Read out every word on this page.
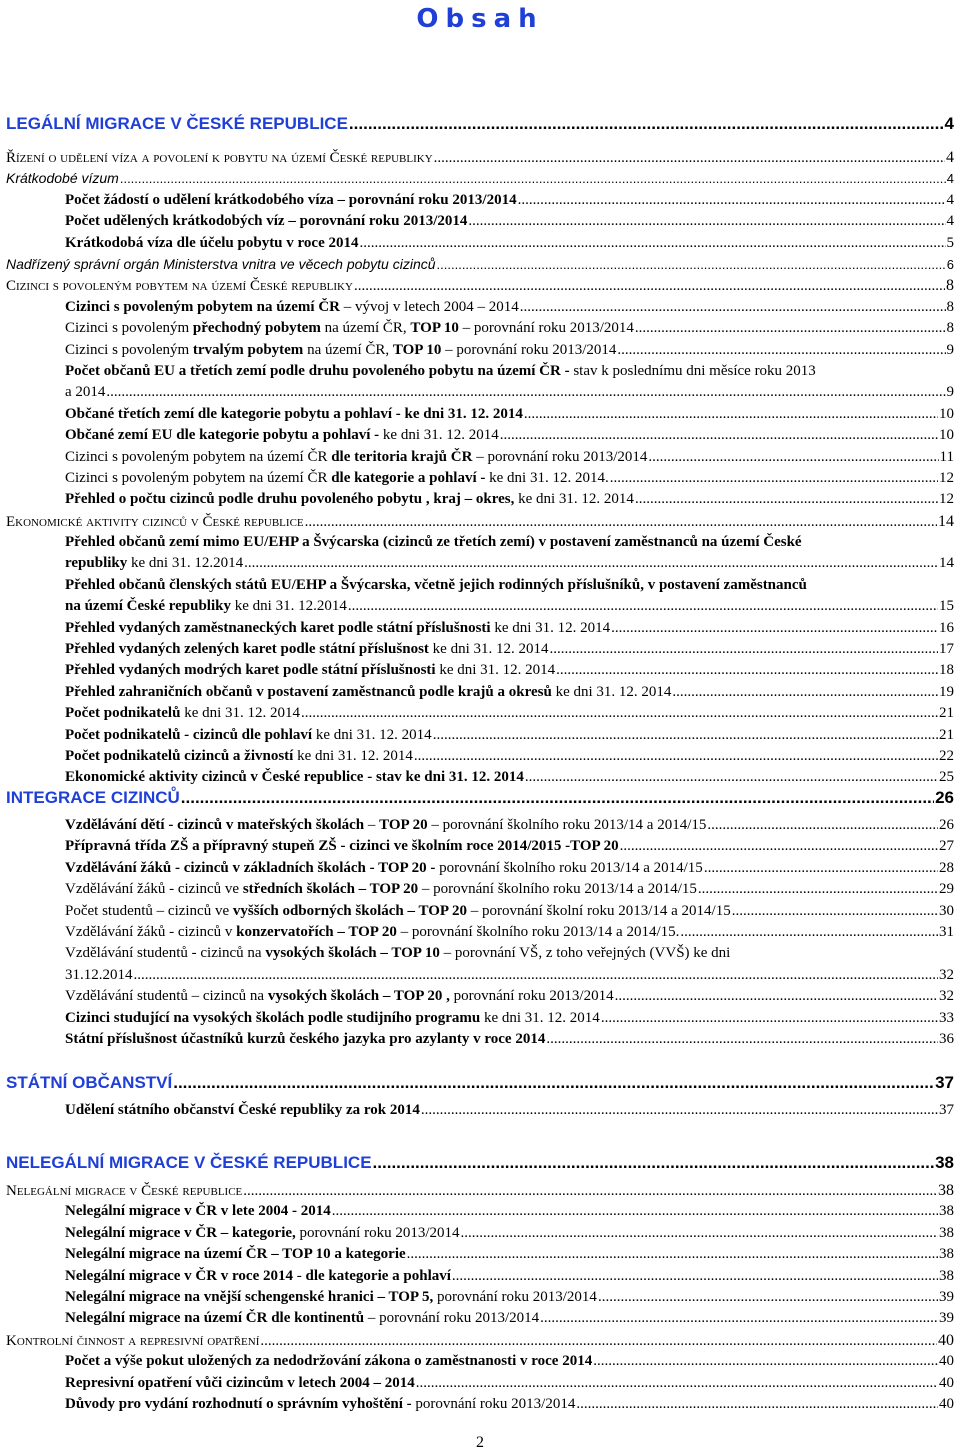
Obsah
LEGÁLNÍ MIGRACE V ČESKÉ REPUBLICE .....	4
Řízení o udělení víza a povolení k pobytu na území České republiky .....	4
Krátkodobé vízum .....	4
Počet žádostí o udělení krátkodobého víza – porovnání roku 2013/2014 .....	4
Počet udělených krátkodobých víz – porovnání roku 2013/2014 .....	4
Krátkodobá víza dle účelu pobytu v roce 2014 .....	5
Nadřízený správní orgán Ministerstva vnitra ve věcech pobytu cizinců .....	6
Cizinci s povoleným pobytem na území České republiky .....	8
Cizinci s povoleným pobytem na území ČR – vývoj v letech 2004 – 2014 .....	8
Cizinci s povoleným přechodný pobytem na území ČR, TOP 10 – porovnání roku 2013/2014 .....	8
Cizinci s povoleným trvalým pobytem na území ČR, TOP 10 – porovnání roku 2013/2014 .....	9
Počet občanů EU a třetích zemí podle druhu povoleného pobytu na území ČR - stav k poslednímu dni měsíce roku 2013
a 2014 .....	9
Občané třetích zemí dle kategorie pobytu a pohlaví - ke dni 31. 12. 2014 .....	10
Občané zemí EU dle kategorie pobytu a pohlaví - ke dni 31. 12. 2014 .....	10
Cizinci s povoleným pobytem na území ČR dle teritoria krajů ČR – porovnání roku 2013/2014 .....	11
Cizinci s povoleným pobytem na území ČR dle kategorie a pohlaví - ke dni 31. 12. 2014. .....	12
Přehled o počtu cizinců podle druhu povoleného pobytu , kraj – okres, ke dni 31. 12. 2014 .....	12
Ekonomické aktivity cizinců v České republice .....	14
Přehled občanů zemí mimo EU/EHP a Švýcarska (cizinců ze třetích zemí) v postavení zaměstnanců na území České
republiky ke dni 31. 12.2014 .....	14
Přehled občanů členských států EU/EHP a Švýcarska, včetně jejich rodinných příslušníků, v postavení zaměstnanců
na území České republiky ke dni 31. 12.2014 .....	15
Přehled vydaných zaměstnaneckých karet podle státní příslušnosti ke dni 31. 12. 2014 .....	16
Přehled vydaných zelených karet podle státní příslušnost ke dni 31. 12. 2014 .....	17
Přehled vydaných modrých karet podle státní příslušnosti ke dni 31. 12. 2014 .....	18
Přehled zahraničních občanů v postavení zaměstnanců podle krajů a okresů ke dni 31. 12. 2014 .....	19
Počet podnikatelů ke dni 31. 12. 2014 .....	21
Počet podnikatelů - cizinců dle pohlaví ke dni 31. 12. 2014 .....	21
Počet podnikatelů cizinců a živností ke dni 31. 12. 2014 .....	22
Ekonomické aktivity cizinců v České republice - stav ke dni 31. 12. 2014 .....	25
INTEGRACE CIZINCŮ .....	26
Vzdělávání dětí - cizinců v mateřských školách – TOP 20 – porovnání školního roku 2013/14 a 2014/15 .....	26
Přípravná třída ZŠ a přípravný stupeň ZŠ - cizinci ve školním roce 2014/2015 -TOP 20 .....	27
Vzdělávání žáků - cizinců v základních školách - TOP 20 - porovnání školního roku 2013/14 a 2014/15 .....	28
Vzdělávání žáků - cizinců ve středních školách – TOP 20 – porovnání školního roku 2013/14 a 2014/15 .....	29
Počet studentů – cizinců ve vyšších odborných školách – TOP 20 – porovnání školní roku 2013/14 a 2014/15 .....	30
Vzdělávání žáků - cizinců v konzervatořích – TOP 20 – porovnání školního roku 2013/14 a 2014/15. .....	31
Vzdělávání studentů - cizinců na vysokých školách – TOP 10 – porovnání VŠ, z toho veřejných (VVŠ) ke dni
31.12.2014 .....	32
Vzdělávání studentů – cizinců na vysokých školách – TOP 20 , porovnání roku 2013/2014 .....	32
Cizinci studující na vysokých školách podle studijního programu ke dni 31. 12. 2014 .....	33
Státní příslušnost účastníků kurzů českého jazyka pro azylanty v roce 2014 .....	36
STÁTNÍ OBČANSTVÍ .....	37
Udělení státního občanství České republiky za rok 2014 .....	37
NELEGÁLNÍ MIGRACE V ČESKÉ REPUBLICE .....	38
Nelegální migrace v České republice .....	38
Nelegální migrace v ČR v lete 2004 - 2014 .....	38
Nelegální migrace v ČR – kategorie, porovnání roku 2013/2014 .....	38
Nelegální migrace na území ČR – TOP 10 a kategorie .....	38
Nelegální migrace v ČR v roce 2014 - dle kategorie a pohlaví .....	38
Nelegální migrace na vnější schengenské hranici – TOP 5, porovnání roku 2013/2014 .....	39
Nelegální migrace na území ČR dle kontinentů – porovnání roku 2013/2014 .....	39
Kontrolní činnost a represivní opatření .....	40
Počet a výše pokut uložených za nedodržování zákona o zaměstnanosti v roce 2014 .....	40
Represivní opatření vůči cizincům v letech 2004 – 2014 .....	40
Důvody pro vydání rozhodnutí o správním vyhoštění - porovnání roku 2013/2014 .....	40
2
